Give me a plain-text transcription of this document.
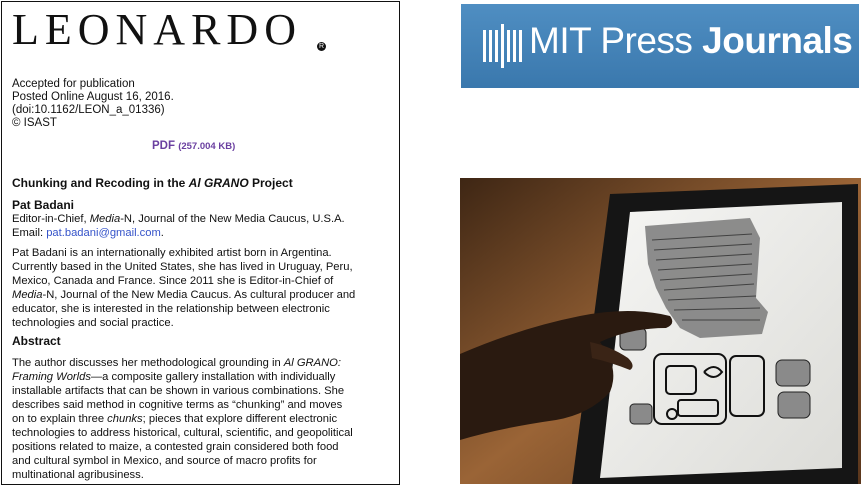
LEONARDO R
Accepted for publication
Posted Online August 16, 2016.
(doi:10.1162/LEON_a_01336)
© ISAST
PDF (257.004 KB)
Chunking and Recoding in the Al GRANO Project
Pat Badani
Editor-in-Chief, Media-N, Journal of the New Media Caucus, U.S.A.
Email: pat.badani@gmail.com.
Pat Badani is an internationally exhibited artist born in Argentina.
Currently based in the United States, she has lived in Uruguay, Peru,
Mexico, Canada and France. Since 2011 she is Editor-in-Chief of
Media-N, Journal of the New Media Caucus. As cultural producer and
educator, she is interested in the relationship between electronic
technologies and social practice.
Abstract
The author discusses her methodological grounding in Al GRANO:
Framing Worlds—a composite gallery installation with individually
installable artifacts that can be shown in various combinations. She
describes said method in cognitive terms as “chunking” and moves
on to explain three chunks; pieces that explore different electronic
technologies to address historical, cultural, scientific, and geopolitical
positions related to maize, a contested grain considered both food
and cultural symbol in Mexico, and source of macro profits for
multinational agribusiness.
MIT Press Journals
